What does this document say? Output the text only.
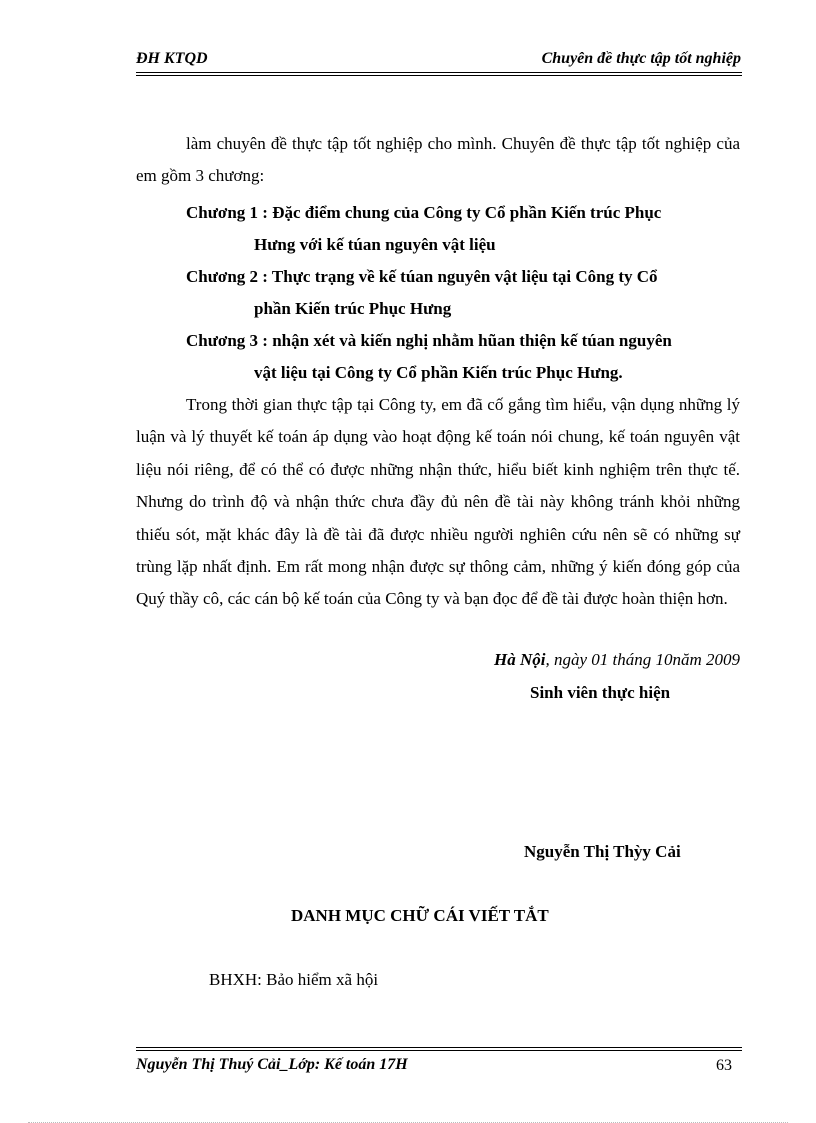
ĐH KTQD	Chuyên đề thực tập tốt nghiệp
làm chuyên đề thực tập tốt nghiệp cho mình. Chuyên đề thực tập tốt nghiệp của em gồm 3 chương:
Chương 1 : Đặc điểm chung của Công ty Cổ phần Kiến trúc Phục
Hưng với kế túan nguyên vật liệu
Chương 2 : Thực trạng về kế túan nguyên vật liệu tại Công ty Cổ
phần Kiến trúc Phục Hưng
Chương 3 : nhận xét và kiến nghị nhằm hũan thiện kế túan nguyên
vật liệu tại Công ty Cổ phần Kiến trúc Phục Hưng.
Trong thời gian thực tập tại Công ty, em đã cố gắng tìm hiểu, vận dụng những lý luận và lý thuyết kế toán áp dụng vào hoạt động kế toán nói chung, kế toán nguyên vật liệu nói riêng, để có thể có được những nhận thức, hiểu biết kinh nghiệm trên thực tế. Nhưng do trình độ và nhận thức chưa đầy đủ nên đề tài này không tránh khỏi những thiếu sót, mặt khác đây là đề tài đã được nhiều người nghiên cứu nên sẽ có những sự trùng lặp nhất định. Em rất mong nhận được sự thông cảm, những ý kiến đóng góp của Quý thầy cô, các cán bộ kế toán của Công ty và bạn đọc để đề tài được hoàn thiện hơn.
Hà Nội, ngày 01 tháng 10năm 2009
Sinh viên thực hiện
Nguyễn Thị Thỳy Cải
DANH MỤC CHỮ CÁI VIẾT TẮT
BHXH: Bảo hiểm xã hội
Nguyễn Thị Thuý Cải_Lớp: Kế toán 17H	63
